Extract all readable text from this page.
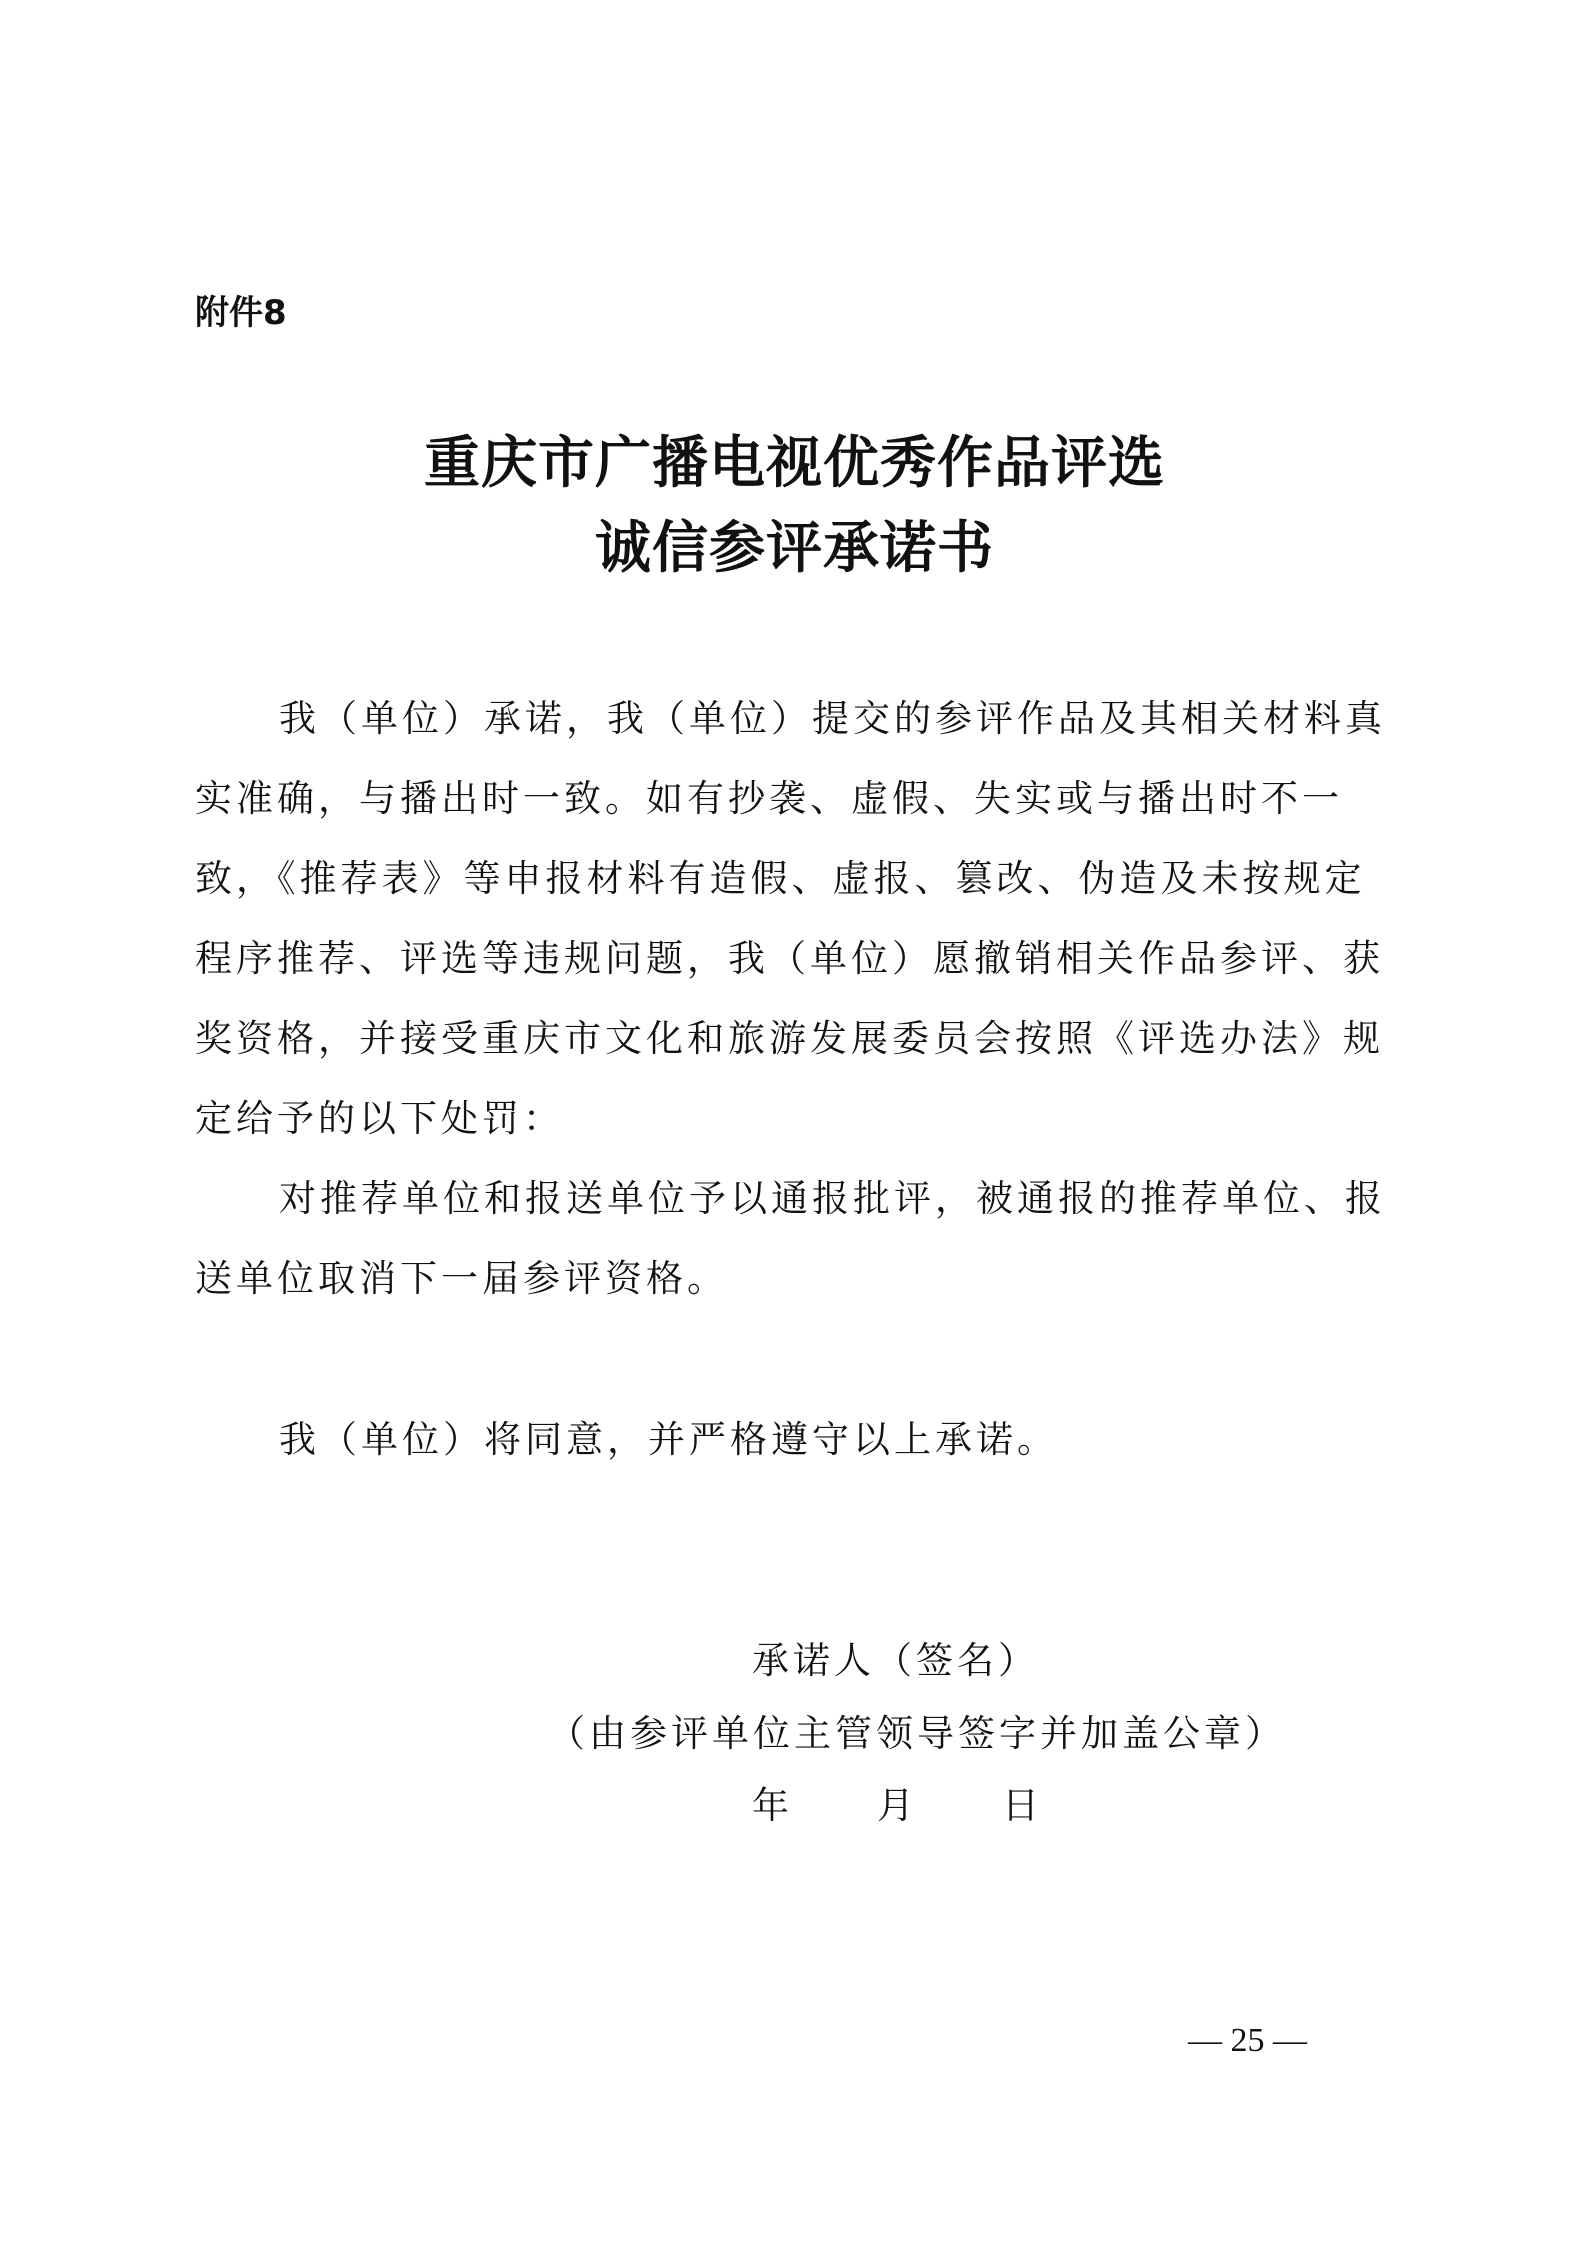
附件8

重庆市广播电视优秀作品评选
诚信参评承诺书

我（单位）承诺，我（单位）提交的参评作品及其相关材料真实准确，与播出时一致。如有抄袭、虚假、失实或与播出时不一致，《推荐表》等申报材料有造假、虚报、篡改、伪造及未按规定程序推荐、评选等违规问题，我（单位）愿撤销相关作品参评、获奖资格，并接受重庆市文化和旅游发展委员会按照《评选办法》规定给予的以下处罚：

对推荐单位和报送单位予以通报批评，被通报的推荐单位、报送单位取消下一届参评资格。

我（单位）将同意，并严格遵守以上承诺。

承诺人（签名）

（由参评单位主管领导签字并加盖公章）

年 月 日

— 25 —
